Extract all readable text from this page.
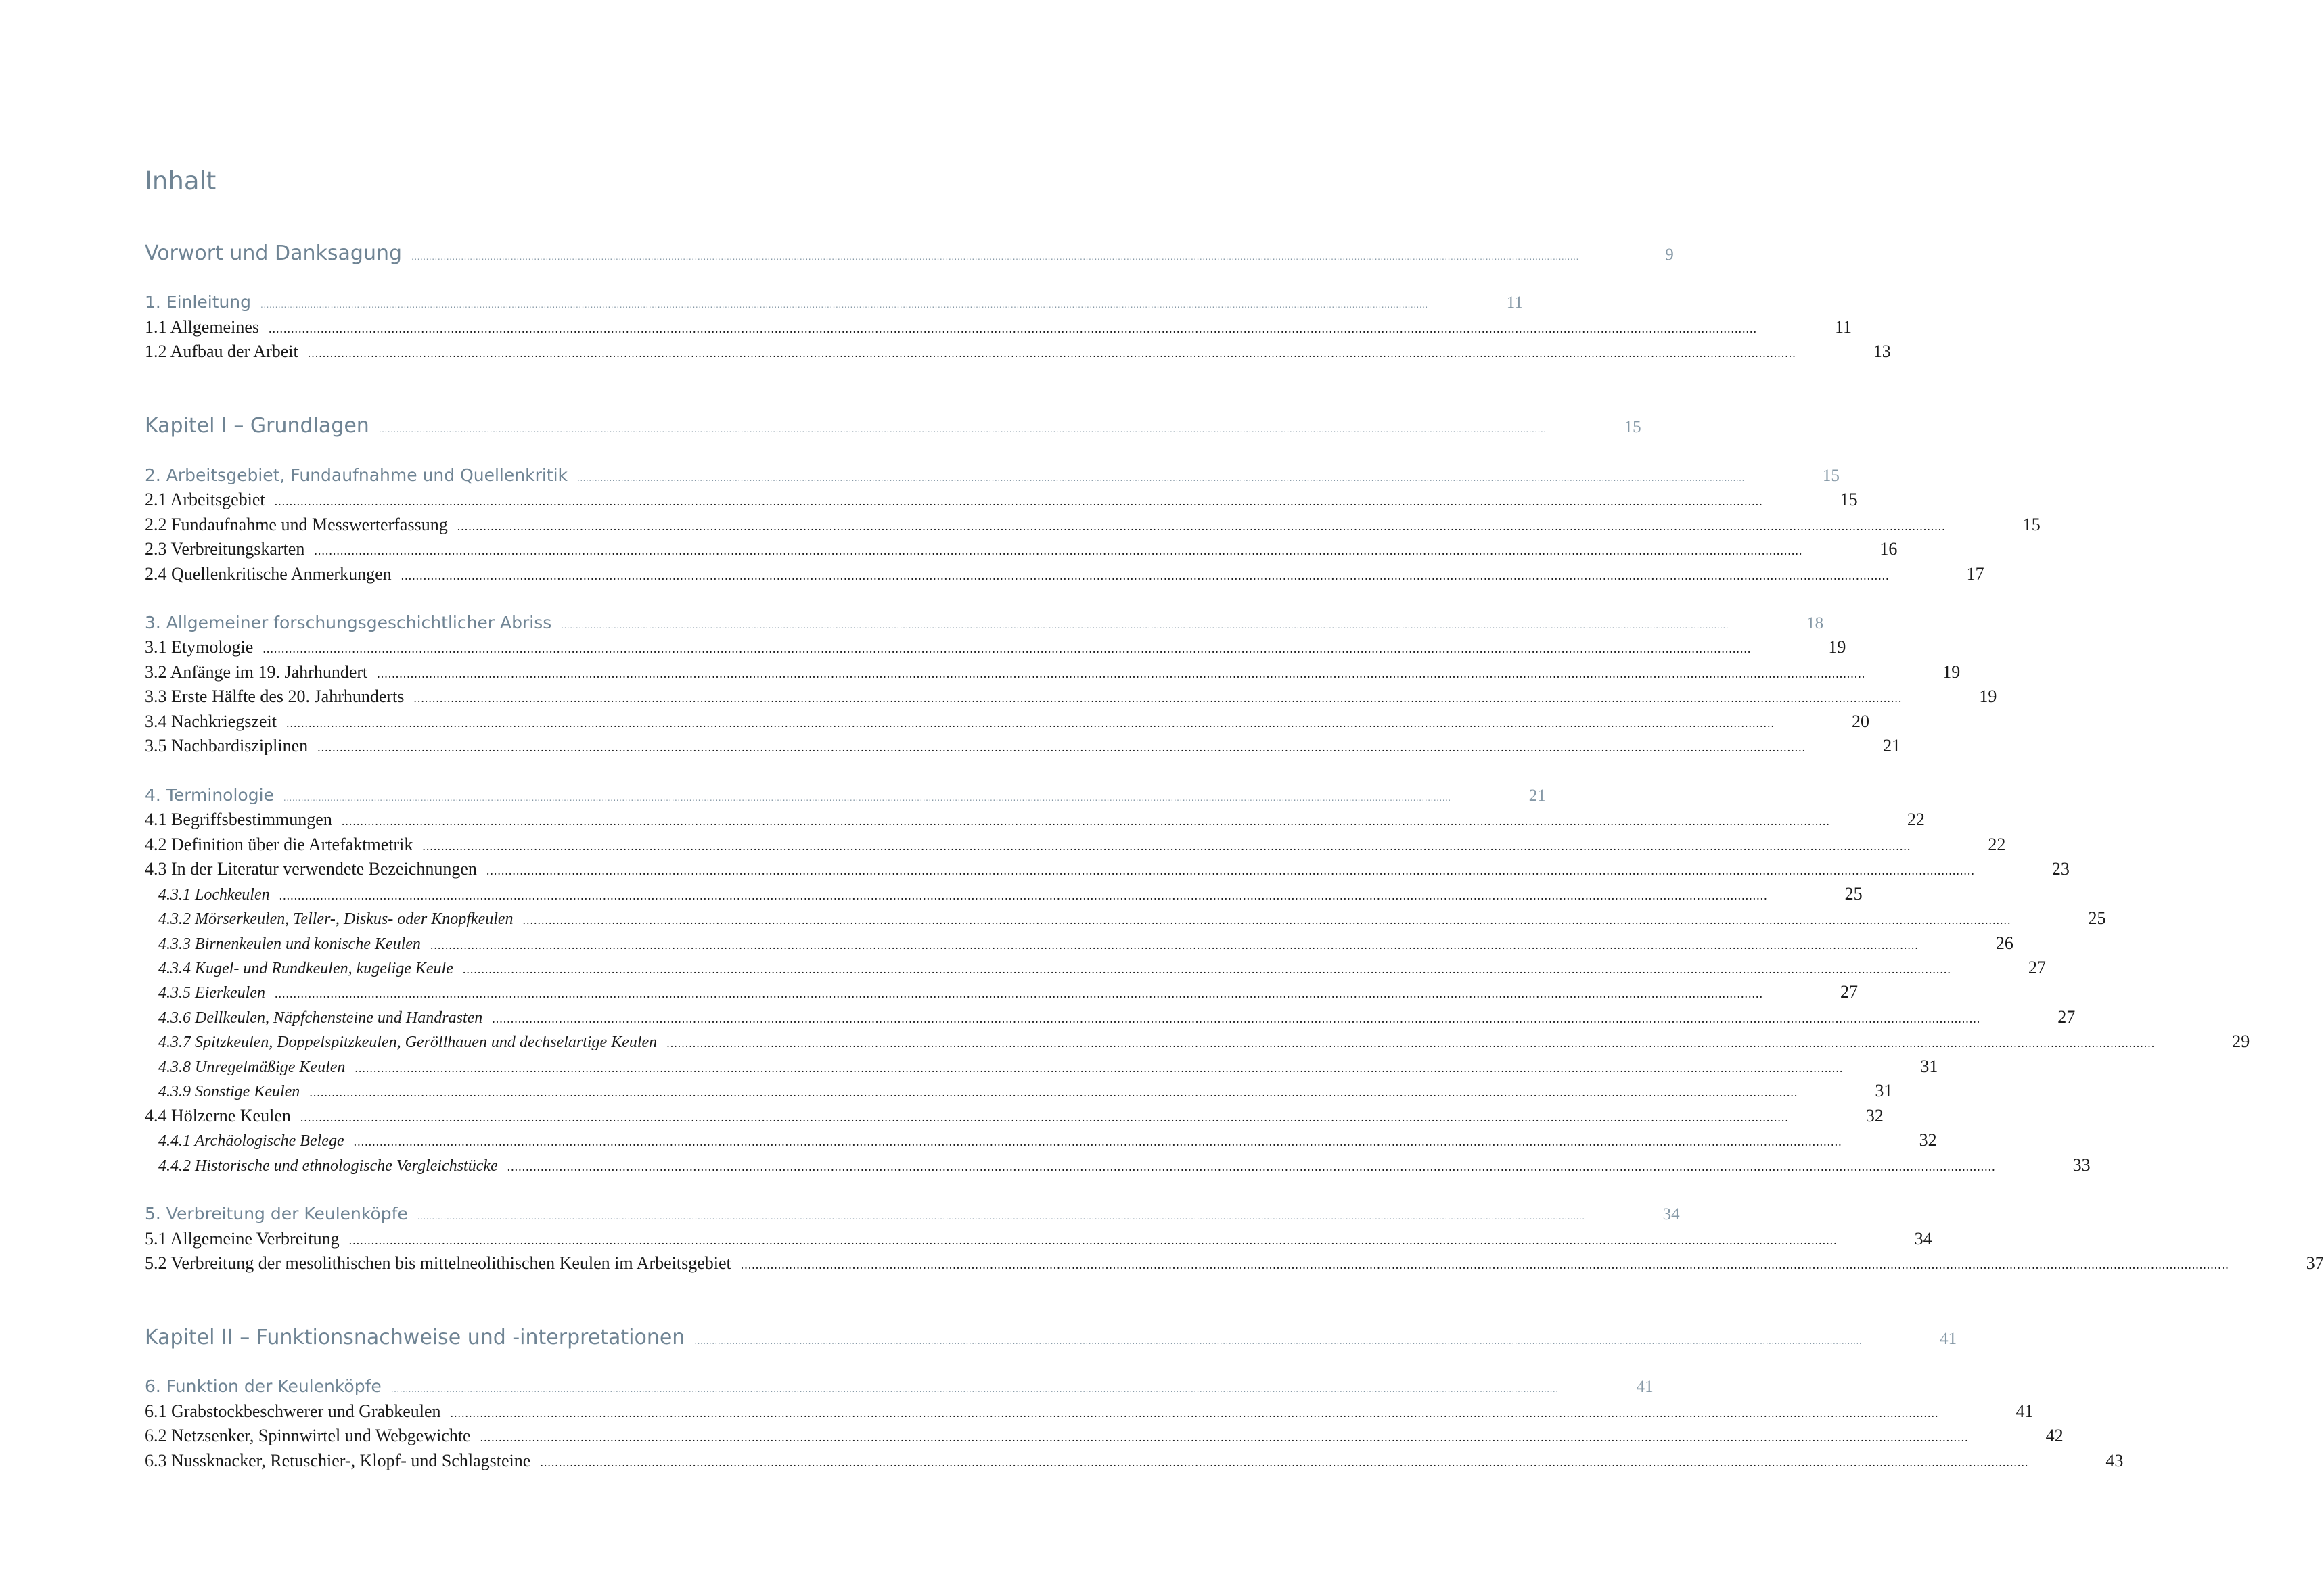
Inhalt
Vorwort und Danksagung ................................................................................................................................................................................................................................................................................................................................................................................................................	9
1. Einleitung ................................................................................................................................................................................................................................................................................................................................................................................................................	11
1.1 Allgemeines ................................................................................................................................................................................................................................................................................................................................................................................................................	11
1.2 Aufbau der Arbeit ................................................................................................................................................................................................................................................................................................................................................................................................................	13
Kapitel I – Grundlagen ................................................................................................................................................................................................................................................................................................................................................................................................................	15
2. Arbeitsgebiet, Fundaufnahme und Quellenkritik ................................................................................................................................................................................................................................................................................................................................................................................................................	15
2.1 Arbeitsgebiet ................................................................................................................................................................................................................................................................................................................................................................................................................	15
2.2 Fundaufnahme und Messwerterfassung ................................................................................................................................................................................................................................................................................................................................................................................................................	15
2.3 Verbreitungskarten ................................................................................................................................................................................................................................................................................................................................................................................................................	16
2.4 Quellenkritische Anmerkungen ................................................................................................................................................................................................................................................................................................................................................................................................................	17
3. Allgemeiner forschungsgeschichtlicher Abriss ................................................................................................................................................................................................................................................................................................................................................................................................................	18
3.1 Etymologie ................................................................................................................................................................................................................................................................................................................................................................................................................	19
3.2 Anfänge im 19. Jahrhundert ................................................................................................................................................................................................................................................................................................................................................................................................................	19
3.3 Erste Hälfte des 20. Jahrhunderts ................................................................................................................................................................................................................................................................................................................................................................................................................	19
3.4 Nachkriegszeit ................................................................................................................................................................................................................................................................................................................................................................................................................	20
3.5 Nachbardisziplinen ................................................................................................................................................................................................................................................................................................................................................................................................................	21
4. Terminologie ................................................................................................................................................................................................................................................................................................................................................................................................................	21
4.1 Begriffsbestimmungen ................................................................................................................................................................................................................................................................................................................................................................................................................	22
4.2 Definition über die Artefaktmetrik ................................................................................................................................................................................................................................................................................................................................................................................................................	22
4.3 In der Literatur verwendete Bezeichnungen ................................................................................................................................................................................................................................................................................................................................................................................................................	23
4.3.1 Lochkeulen ................................................................................................................................................................................................................................................................................................................................................................................................................	25
4.3.2 Mörserkeulen, Teller-, Diskus- oder Knopfkeulen ................................................................................................................................................................................................................................................................................................................................................................................................................	25
4.3.3 Birnenkeulen und konische Keulen ................................................................................................................................................................................................................................................................................................................................................................................................................	26
4.3.4 Kugel- und Rundkeulen, kugelige Keule ................................................................................................................................................................................................................................................................................................................................................................................................................	27
4.3.5 Eierkeulen ................................................................................................................................................................................................................................................................................................................................................................................................................	27
4.3.6 Dellkeulen, Näpfchensteine und Handrasten ................................................................................................................................................................................................................................................................................................................................................................................................................	27
4.3.7 Spitzkeulen, Doppelspitzkeulen, Geröllhauen und dechselartige Keulen ................................................................................................................................................................................................................................................................................................................................................................................................................	29
4.3.8 Unregelmäßige Keulen ................................................................................................................................................................................................................................................................................................................................................................................................................	31
4.3.9 Sonstige Keulen ................................................................................................................................................................................................................................................................................................................................................................................................................	31
4.4 Hölzerne Keulen ................................................................................................................................................................................................................................................................................................................................................................................................................	32
4.4.1 Archäologische Belege ................................................................................................................................................................................................................................................................................................................................................................................................................	32
4.4.2 Historische und ethnologische Vergleichstücke ................................................................................................................................................................................................................................................................................................................................................................................................................	33
5. Verbreitung der Keulenköpfe ................................................................................................................................................................................................................................................................................................................................................................................................................	34
5.1 Allgemeine Verbreitung ................................................................................................................................................................................................................................................................................................................................................................................................................	34
5.2 Verbreitung der mesolithischen bis mittelneolithischen Keulen im Arbeitsgebiet ................................................................................................................................................................................................................................................................................................................................................................................................................	37
Kapitel II – Funktionsnachweise und -interpretationen ................................................................................................................................................................................................................................................................................................................................................................................................................	41
6. Funktion der Keulenköpfe ................................................................................................................................................................................................................................................................................................................................................................................................................	41
6.1 Grabstockbeschwerer und Grabkeulen ................................................................................................................................................................................................................................................................................................................................................................................................................	41
6.2 Netzsenker, Spinnwirtel und Webgewichte ................................................................................................................................................................................................................................................................................................................................................................................................................	42
6.3 Nussknacker, Retuschier-, Klopf- und Schlagsteine ................................................................................................................................................................................................................................................................................................................................................................................................................	43
